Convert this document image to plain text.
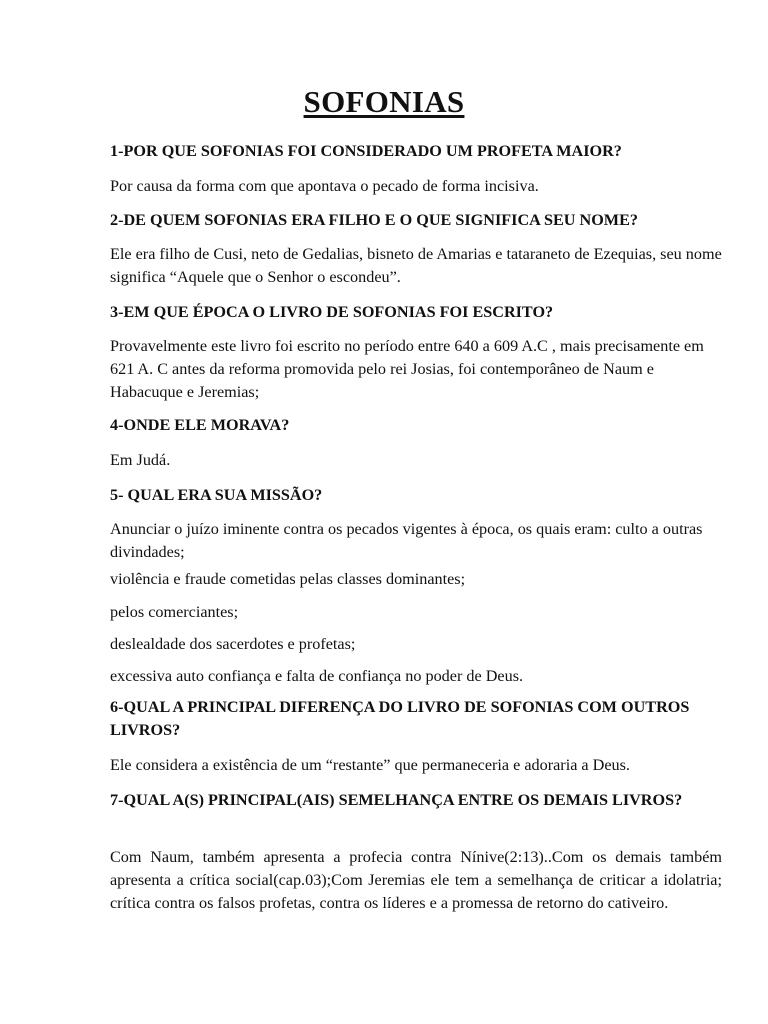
SOFONIAS

1-POR QUE SOFONIAS FOI CONSIDERADO UM PROFETA MAIOR?

Por causa da forma com que apontava o pecado de forma incisiva.

2-DE QUEM SOFONIAS ERA FILHO E O QUE SIGNIFICA SEU NOME?

Ele era filho de Cusi, neto de Gedalias, bisneto de Amarias e tataraneto de Ezequias, seu nome significa “Aquele que o Senhor o escondeu”.

3-EM QUE ÉPOCA O LIVRO DE SOFONIAS FOI ESCRITO?

Provavelmente este livro foi escrito no período entre 640 a 609 A.C , mais precisamente em 621 A. C antes da reforma promovida pelo rei Josias, foi contemporâneo de Naum e Habacuque e Jeremias;

4-ONDE ELE MORAVA?

Em Judá.

5- QUAL ERA SUA MISSÃO?

Anunciar o juízo iminente contra os pecados vigentes à época, os quais eram: culto a outras divindades;

violência e fraude cometidas pelas classes dominantes;

pelos comerciantes;

deslealdade dos sacerdotes e profetas;

excessiva auto confiança e falta de confiança no poder de Deus.

6-QUAL A PRINCIPAL DIFERENÇA DO LIVRO DE SOFONIAS COM OUTROS LIVROS?

Ele considera a existência de um “restante” que permaneceria e adoraria a Deus.

7-QUAL A(S) PRINCIPAL(AIS) SEMELHANÇA ENTRE OS DEMAIS LIVROS?

Com Naum, também apresenta a profecia contra Nínive(2:13)..Com os demais também apresenta a crítica social(cap.03);Com Jeremias ele tem a semelhança de criticar a idolatria; crítica contra os falsos profetas, contra os líderes e a promessa de retorno do cativeiro.
